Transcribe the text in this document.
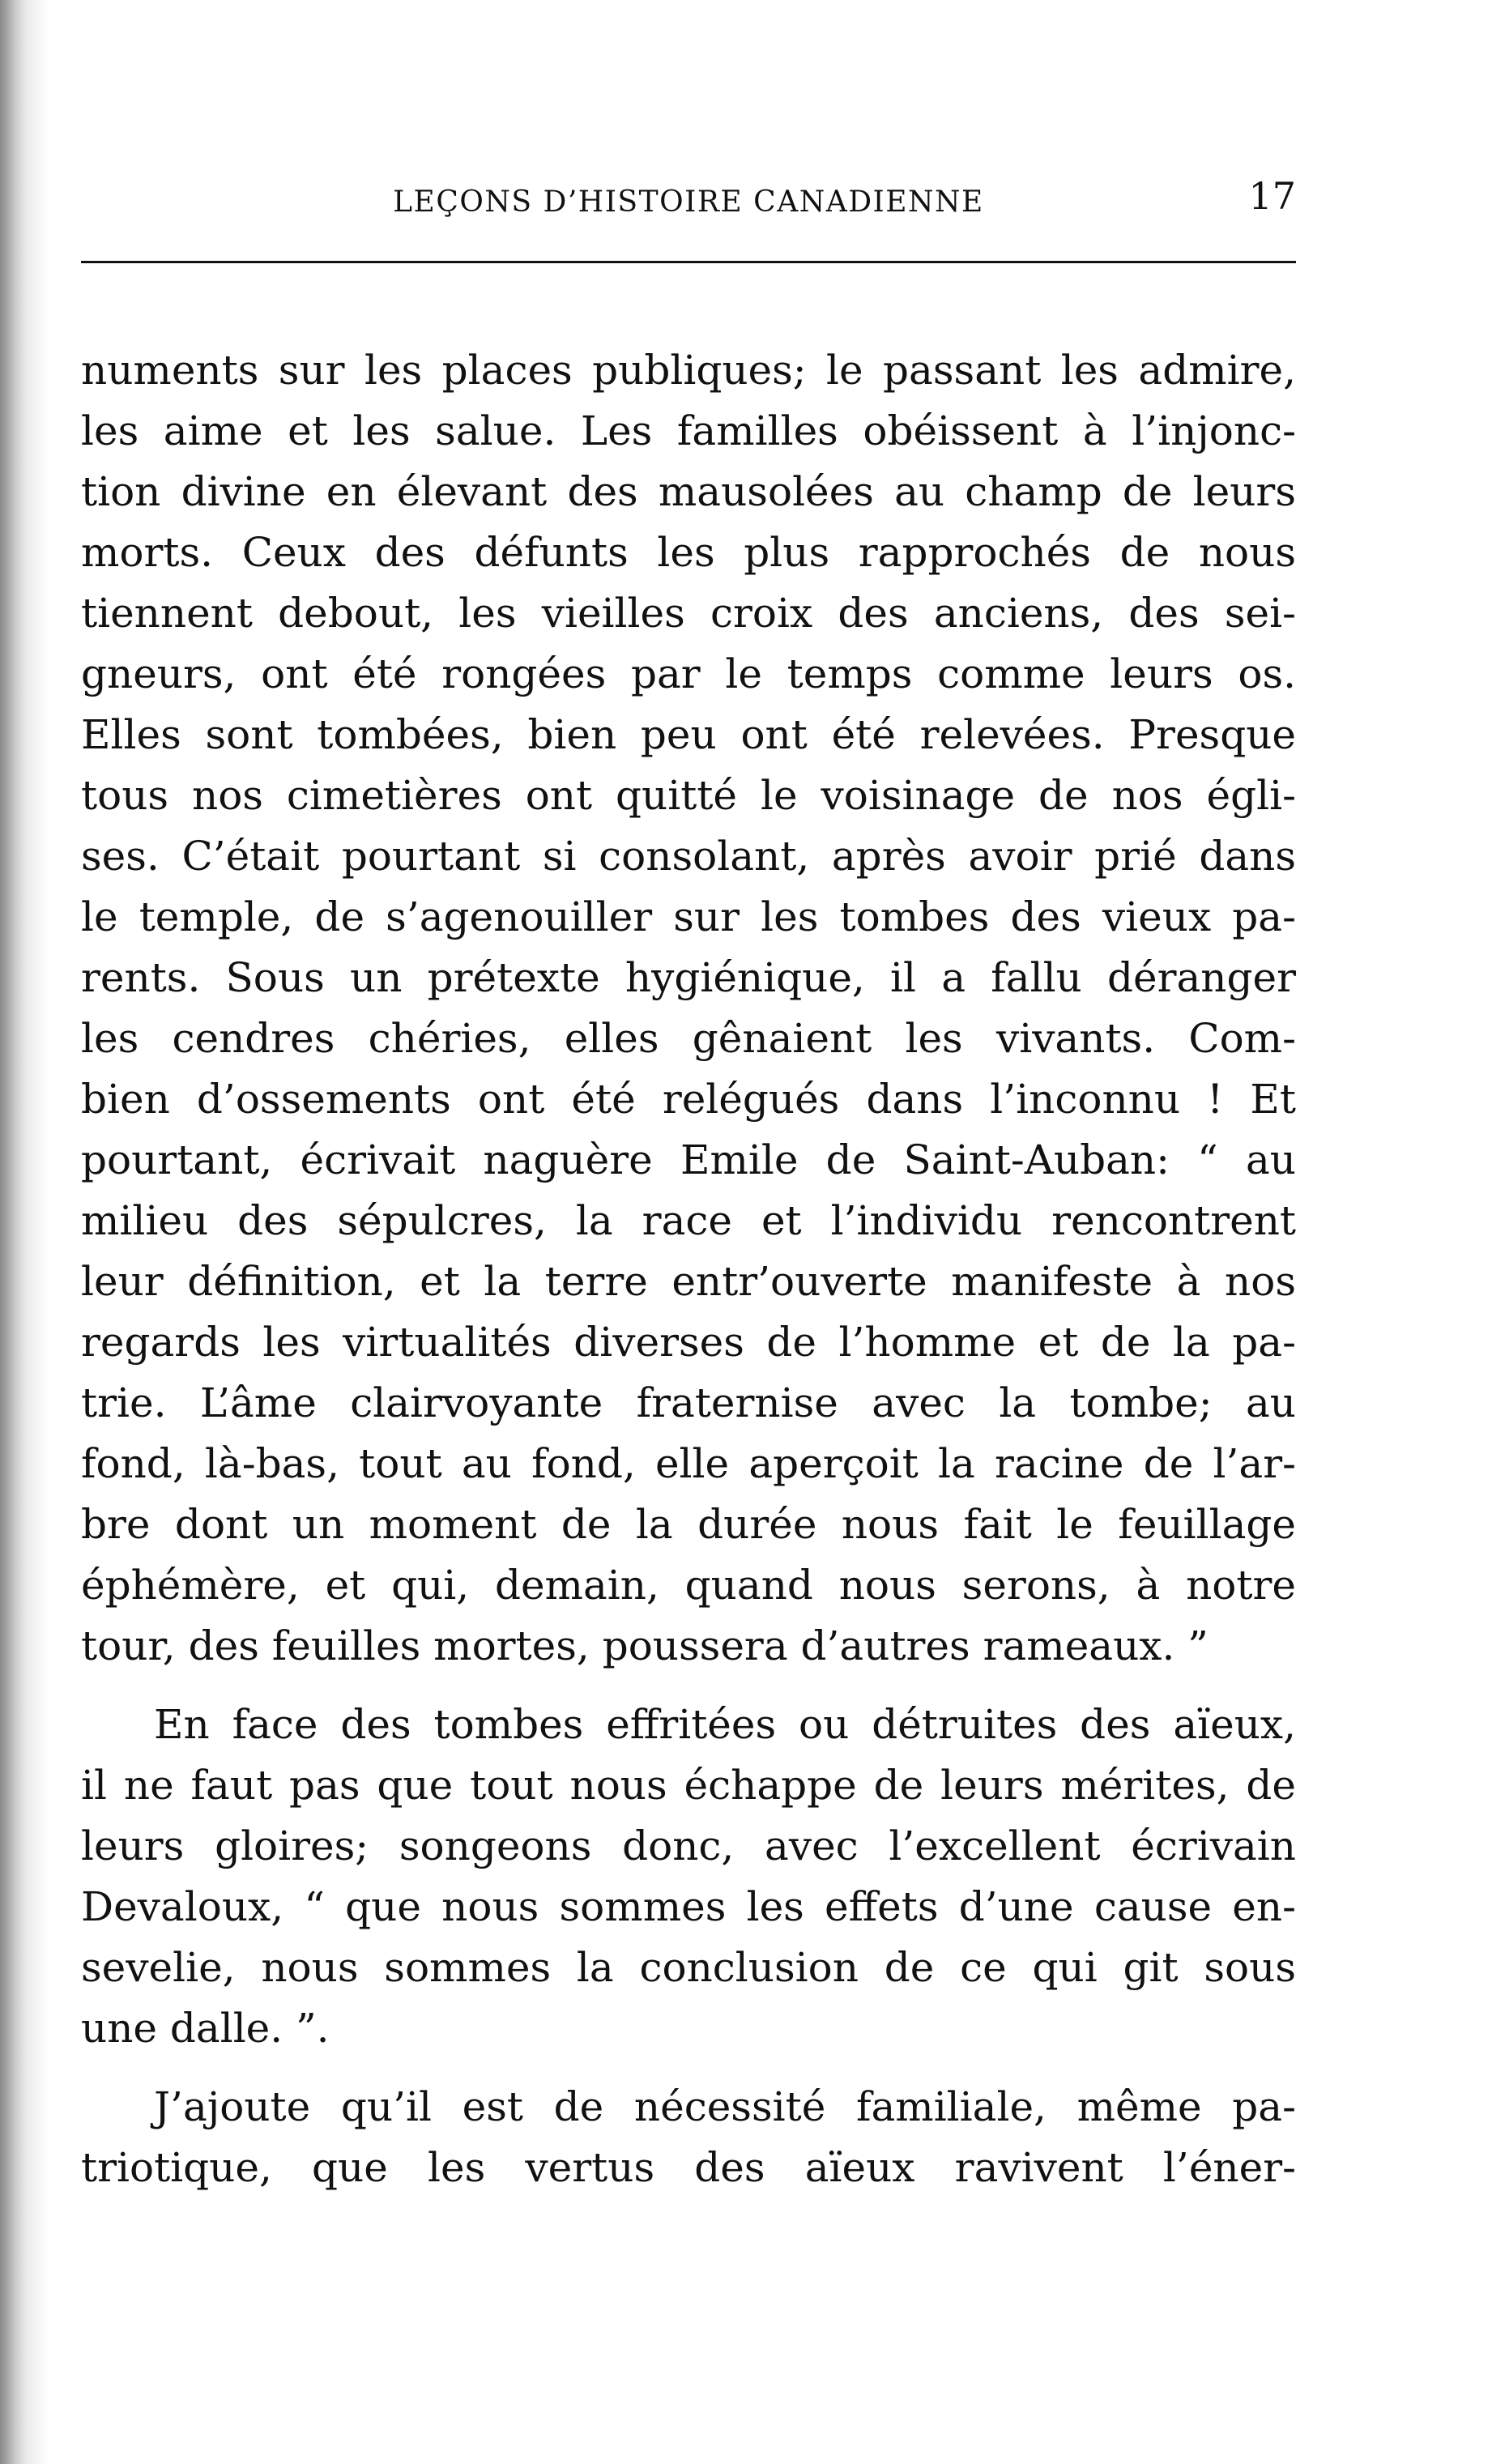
LEÇONS D’HISTOIRE CANADIENNE	17

numents sur les places publiques; le passant les admire,
les aime et les salue. Les familles obéissent à l’injonc-
tion divine en élevant des mausolées au champ de leurs
morts. Ceux des défunts les plus rapprochés de nous
tiennent debout, les vieilles croix des anciens, des sei-
gneurs, ont été rongées par le temps comme leurs os.
Elles sont tombées, bien peu ont été relevées. Presque
tous nos cimetières ont quitté le voisinage de nos égli-
ses. C’était pourtant si consolant, après avoir prié dans
le temple, de s’agenouiller sur les tombes des vieux pa-
rents. Sous un prétexte hygiénique, il a fallu déranger
les cendres chéries, elles gênaient les vivants. Com-
bien d’ossements ont été relégués dans l’inconnu ! Et
pourtant, écrivait naguère Emile de Saint-Auban: “ au
milieu des sépulcres, la race et l’individu rencontrent
leur définition, et la terre entr’ouverte manifeste à nos
regards les virtualités diverses de l’homme et de la pa-
trie. L’âme clairvoyante fraternise avec la tombe; au
fond, là-bas, tout au fond, elle aperçoit la racine de l’ar-
bre dont un moment de la durée nous fait le feuillage
éphémère, et qui, demain, quand nous serons, à notre
tour, des feuilles mortes, poussera d’autres rameaux. ”

En face des tombes effritées ou détruites des aïeux,
il ne faut pas que tout nous échappe de leurs mérites, de
leurs gloires; songeons donc, avec l’excellent écrivain
Devaloux, “ que nous sommes les effets d’une cause en-
sevelie, nous sommes la conclusion de ce qui git sous
une dalle. ”.

J’ajoute qu’il est de nécessité familiale, même pa-
triotique, que les vertus des aïeux ravivent l’éner-
